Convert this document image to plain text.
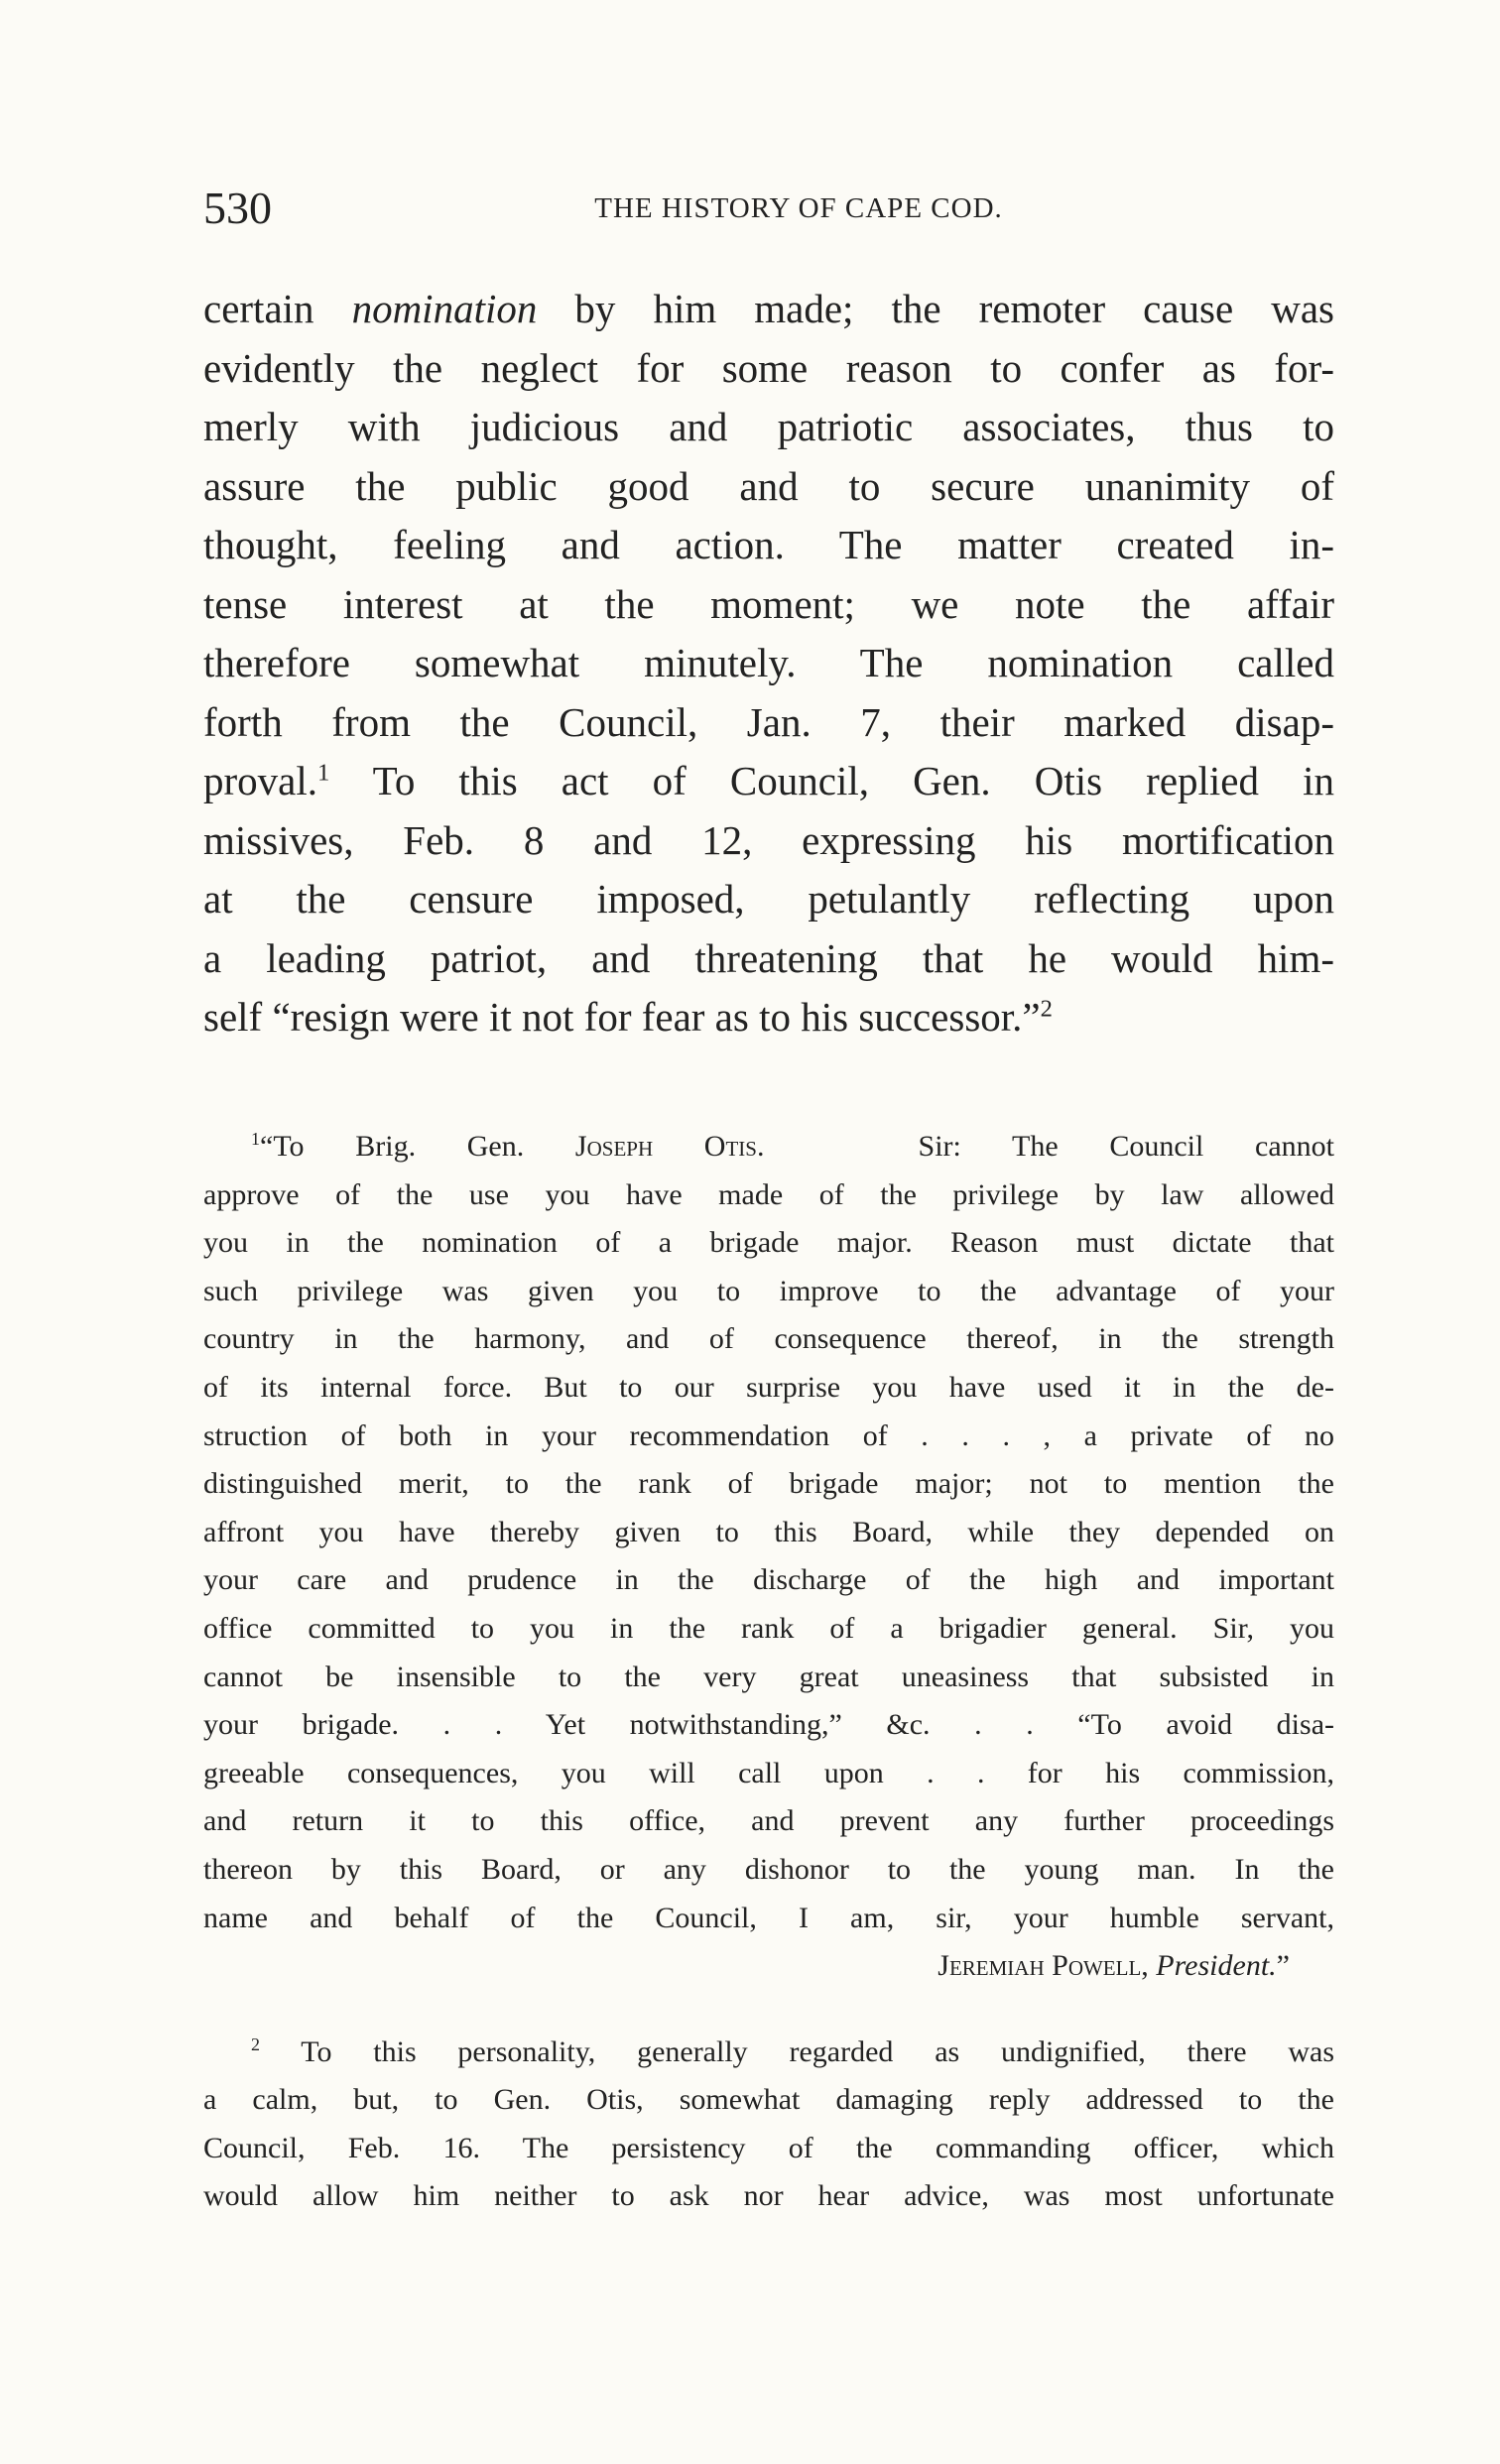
530	THE HISTORY OF CAPE COD.
certain nomination by him made; the remoter cause was
evidently the neglect for some reason to confer as for-
merly with judicious and patriotic associates, thus to
assure the public good and to secure unanimity of
thought, feeling and action. The matter created in-
tense interest at the moment; we note the affair
therefore somewhat minutely. The nomination called
forth from the Council, Jan. 7, their marked disap-
proval.$^1$ To this act of Council, Gen. Otis replied in
missives, Feb. 8 and 12, expressing his mortification
at the censure imposed, petulantly reflecting upon
a leading patriot, and threatening that he would him-
self “resign were it not for fear as to his successor.”$^2$
$^1$“To Brig. Gen. Joseph Otis.   Sir: The Council cannot
approve of the use you have made of the privilege by law allowed
you in the nomination of a brigade major. Reason must dictate that
such privilege was given you to improve to the advantage of your
country in the harmony, and of consequence thereof, in the strength
of its internal force. But to our surprise you have used it in the de-
struction of both in your recommendation of . . . , a private of no
distinguished merit, to the rank of brigade major; not to mention the
affront you have thereby given to this Board, while they depended on
your care and prudence in the discharge of the high and important
office committed to you in the rank of a brigadier general. Sir, you
cannot be insensible to the very great uneasiness that subsisted in
your brigade. . . Yet notwithstanding,” &c. . . “To avoid disa-
greeable consequences, you will call upon . . for his commission,
and return it to this office, and prevent any further proceedings
thereon by this Board, or any dishonor to the young man. In the
name and behalf of the Council, I am, sir, your humble servant,
Jeremiah Powell, President.”
$^2$ To this personality, generally regarded as undignified, there was
a calm, but, to Gen. Otis, somewhat damaging reply addressed to the
Council, Feb. 16. The persistency of the commanding officer, which
would allow him neither to ask nor hear advice, was most unfortunate
